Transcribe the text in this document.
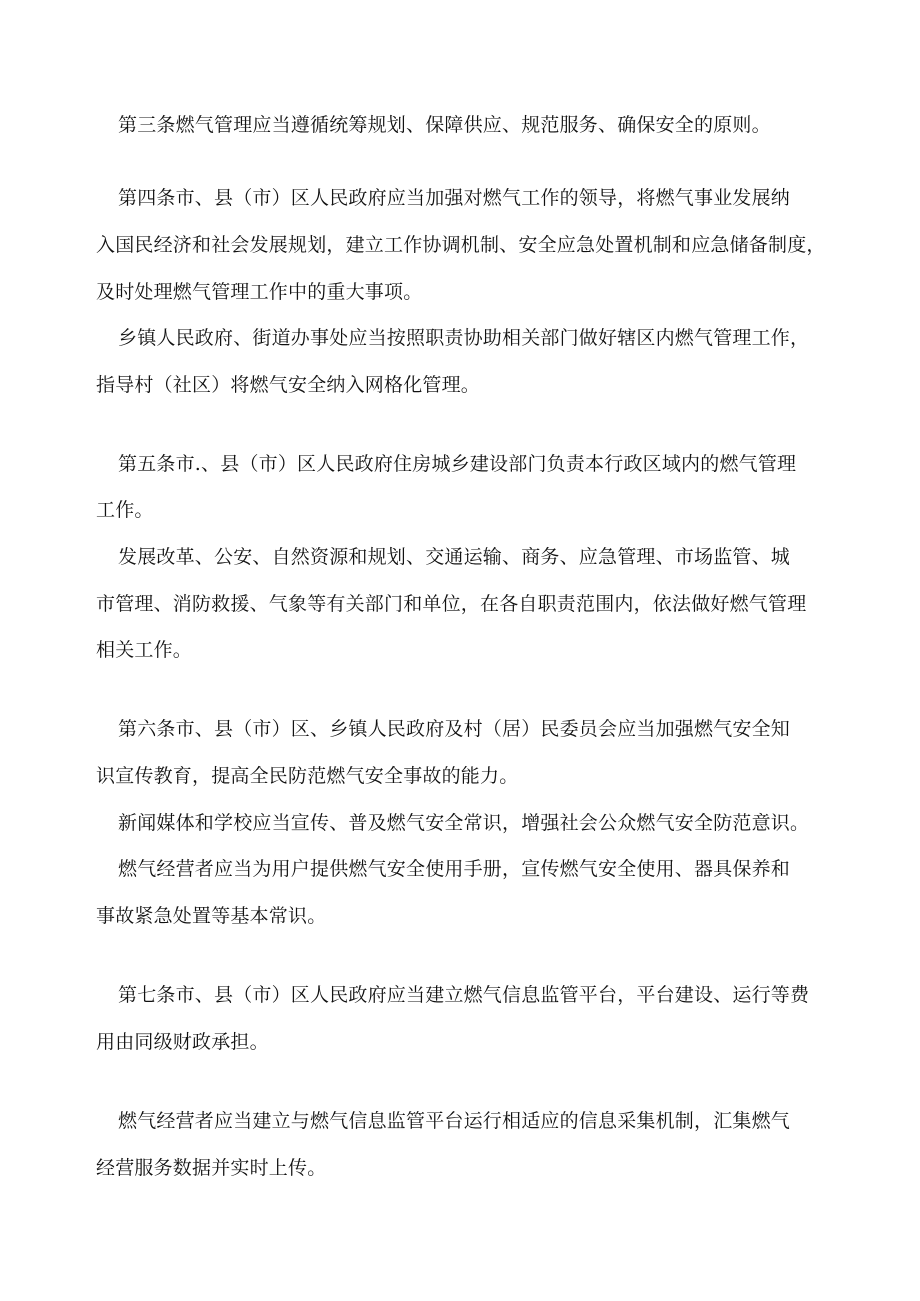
第三条燃气管理应当遵循统筹规划、保障供应、规范服务、确保安全的原则。
第四条市、县（市）区人民政府应当加强对燃气工作的领导，将燃气事业发展纳
入国民经济和社会发展规划，建立工作协调机制、安全应急处置机制和应急储备制度，
及时处理燃气管理工作中的重大事项。
乡镇人民政府、街道办事处应当按照职责协助相关部门做好辖区内燃气管理工作，
指导村（社区）将燃气安全纳入网格化管理。
第五条市.、县（市）区人民政府住房城乡建设部门负责本行政区域内的燃气管理
工作。
发展改革、公安、自然资源和规划、交通运输、商务、应急管理、市场监管、城
市管理、消防救援、气象等有关部门和单位，在各自职责范围内，依法做好燃气管理
相关工作。
第六条市、县（市）区、乡镇人民政府及村（居）民委员会应当加强燃气安全知
识宣传教育，提高全民防范燃气安全事故的能力。
新闻媒体和学校应当宣传、普及燃气安全常识，增强社会公众燃气安全防范意识。
燃气经营者应当为用户提供燃气安全使用手册，宣传燃气安全使用、器具保养和
事故紧急处置等基本常识。
第七条市、县（市）区人民政府应当建立燃气信息监管平台，平台建设、运行等费
用由同级财政承担。
燃气经营者应当建立与燃气信息监管平台运行相适应的信息采集机制，汇集燃气
经营服务数据并实时上传。
